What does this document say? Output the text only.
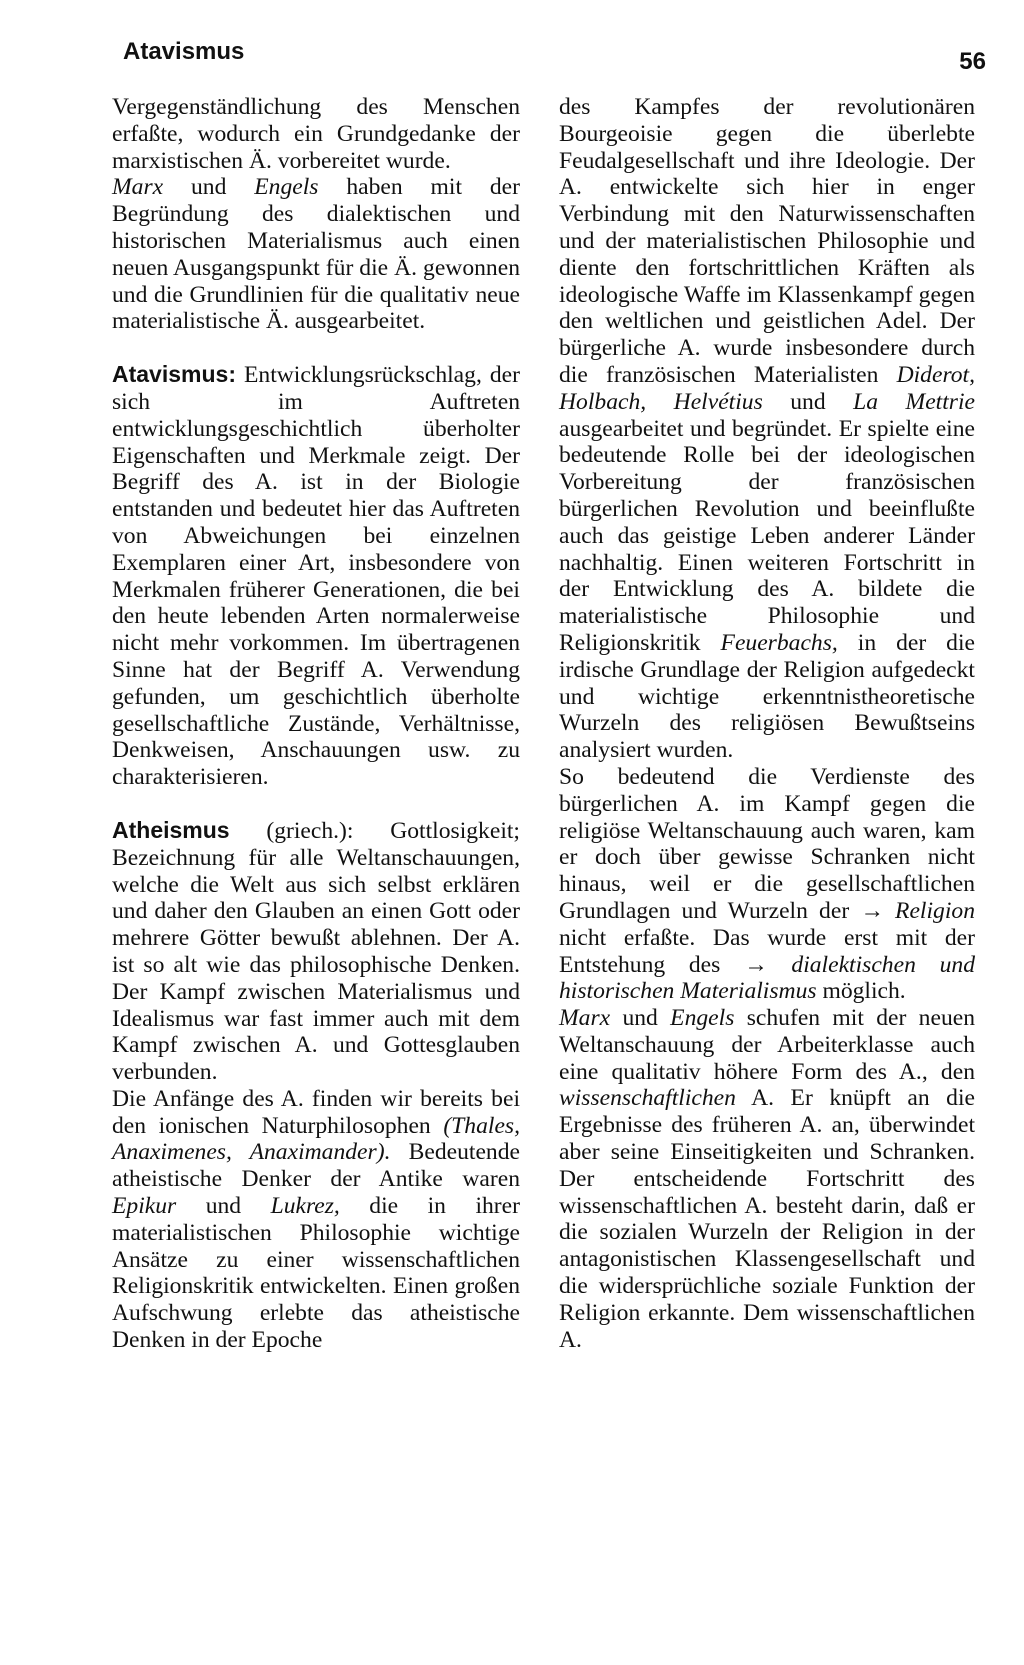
Atavismus	56

Vergegenständlichung des Menschen erfaßte, wodurch ein Grundgedanke der marxistischen Ä. vorbereitet wurde.

Marx und Engels haben mit der Begründung des dialektischen und historischen Materialismus auch einen neuen Ausgangspunkt für die Ä. gewonnen und die Grundlinien für die qualitativ neue materialistische Ä. ausgearbeitet.

Atavismus: Entwicklungsrückschlag, der sich im Auftreten entwicklungsgeschichtlich überholter Eigenschaften und Merkmale zeigt. Der Begriff des A. ist in der Biologie entstanden und bedeutet hier das Auftreten von Abweichungen bei einzelnen Exemplaren einer Art, insbesondere von Merkmalen früherer Generationen, die bei den heute lebenden Arten normalerweise nicht mehr vorkommen. Im übertragenen Sinne hat der Begriff A. Verwendung gefunden, um geschichtlich überholte gesellschaftliche Zustände, Verhältnisse, Denkweisen, Anschauungen usw. zu charakterisieren.

Atheismus (griech.): Gottlosigkeit; Bezeichnung für alle Weltanschauungen, welche die Welt aus sich selbst erklären und daher den Glauben an einen Gott oder mehrere Götter bewußt ablehnen. Der A. ist so alt wie das philosophische Denken. Der Kampf zwischen Materialismus und Idealismus war fast immer auch mit dem Kampf zwischen A. und Gottesglauben verbunden.

Die Anfänge des A. finden wir bereits bei den ionischen Naturphilosophen (Thales, Anaximenes, Anaximander). Bedeutende atheistische Denker der Antike waren Epikur und Lukrez, die in ihrer materialistischen Philosophie wichtige Ansätze zu einer wissenschaftlichen Religionskritik entwickelten. Einen großen Aufschwung erlebte das atheistische Denken in der Epoche

des Kampfes der revolutionären Bourgeoisie gegen die überlebte Feudalgesellschaft und ihre Ideologie. Der A. entwickelte sich hier in enger Verbindung mit den Naturwissenschaften und der materialistischen Philosophie und diente den fortschrittlichen Kräften als ideologische Waffe im Klassenkampf gegen den weltlichen und geistlichen Adel. Der bürgerliche A. wurde insbesondere durch die französischen Materialisten Diderot, Holbach, Helvétius und La Mettrie ausgearbeitet und begründet. Er spielte eine bedeutende Rolle bei der ideologischen Vorbereitung der französischen bürgerlichen Revolution und beeinflußte auch das geistige Leben anderer Länder nachhaltig. Einen weiteren Fortschritt in der Entwicklung des A. bildete die materialistische Philosophie und Religionskritik Feuerbachs, in der die irdische Grundlage der Religion aufgedeckt und wichtige erkenntnistheoretische Wurzeln des religiösen Bewußtseins analysiert wurden.

So bedeutend die Verdienste des bürgerlichen A. im Kampf gegen die religiöse Weltanschauung auch waren, kam er doch über gewisse Schranken nicht hinaus, weil er die gesellschaftlichen Grundlagen und Wurzeln der → Religion nicht erfaßte. Das wurde erst mit der Entstehung des → dialektischen und historischen Materialismus möglich.

Marx und Engels schufen mit der neuen Weltanschauung der Arbeiterklasse auch eine qualitativ höhere Form des A., den wissenschaftlichen A. Er knüpft an die Ergebnisse des früheren A. an, überwindet aber seine Einseitigkeiten und Schranken. Der entscheidende Fortschritt des wissenschaftlichen A. besteht darin, daß er die sozialen Wurzeln der Religion in der antagonistischen Klassengesellschaft und die widersprüchliche soziale Funktion der Religion erkannte. Dem wissenschaftlichen A.
